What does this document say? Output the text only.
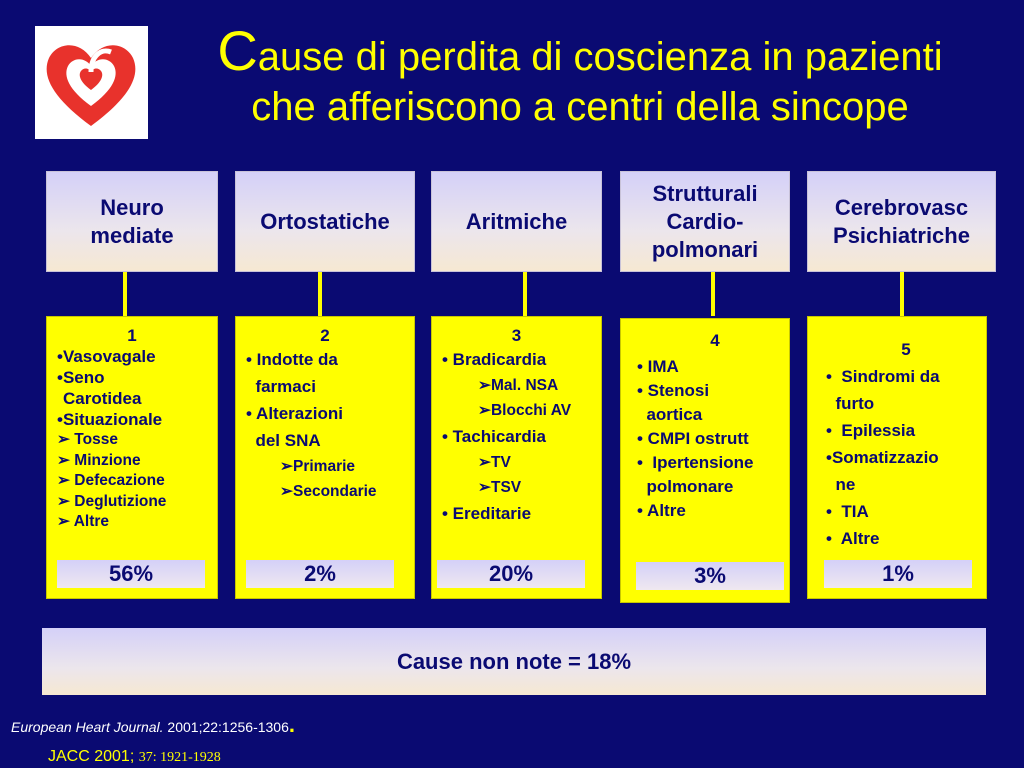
Cause di perdita di coscienza in pazienti
che afferiscono a centri della sincope
Neuro
mediate
Ortostatiche	Aritmiche
Strutturali
Cardio-
polmonari
Cerebrovasc
Psichiatriche
1
•Vasovagale
•Seno
Carotidea
•Situazionale
➢ Tosse
➢ Minzione
➢ Defecazione
➢ Deglutizione
➢ Altre
56%
2
• Indotte da
farmaci
• Alterazioni
del SNA
➢Primarie
➢Secondarie
2%
3
• Bradicardia
➢Mal. NSA
➢Blocchi AV
• Tachicardia
➢TV
➢TSV
• Ereditarie
20%
4
• IMA
• Stenosi
aortica
• CMPI ostrutt
•  Ipertensione
polmonare
• Altre
3%
5
•  Sindromi da
furto
•  Epilessia
•Somatizzazio
ne
•  TIA
•  Altre
1%
Cause non note = 18%
European Heart Journal. 2001;22:1256-1306.
JACC 2001; 37: 1921-1928
